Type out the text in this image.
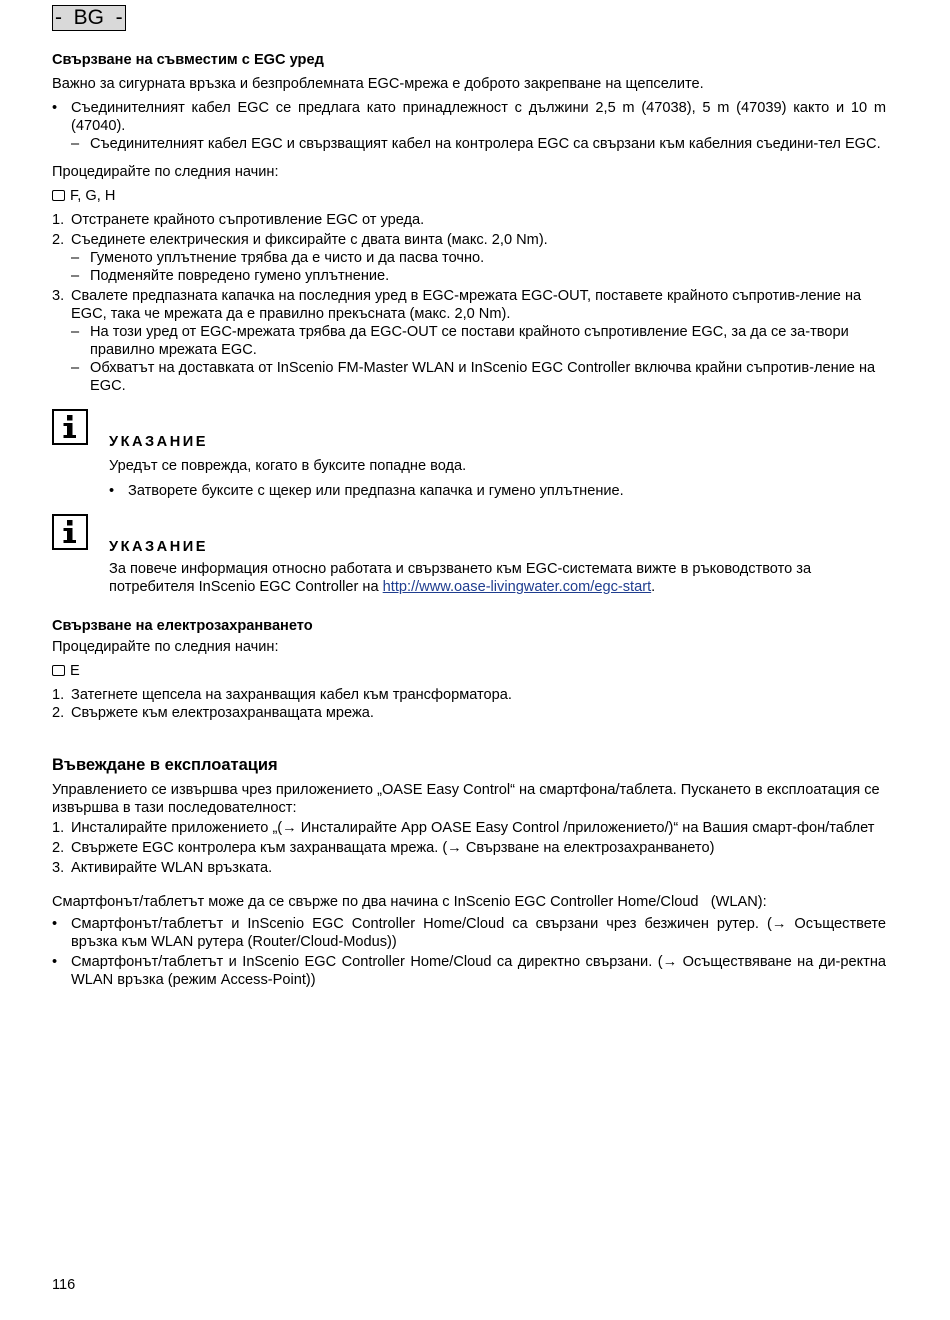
-  BG  -

Свързване на съвместим с EGC уред

Важно за сигурната връзка и безпроблемната EGC-мрежа е доброто закрепване на щепселите.

• Съединителният кабел EGC се предлага като принадлежност с дължини 2,5 m (47038), 5 m (47039) както и 10 m (47040).
– Съединителният кабел EGC и свързващият кабел на контролера EGC са свързани към кабелния съедини-тел EGC.

Процедирайте по следния начин:

F, G, H
1. Отстранете крайното съпротивление EGC от уреда.
2. Съединете електрическия и фиксирайте с двата винта (макс. 2,0 Nm).
– Гуменото уплътнение трябва да е чисто и да пасва точно.
– Подменяйте повредено гумено уплътнение.
3. Свалете предпазната капачка на последния уред в EGC-мрежата EGC-OUT, поставете крайното съпротив-ление на EGC, така че мрежата да е правилно прекъсната (макс. 2,0 Nm).
– На този уред от EGC-мрежата трябва да EGC-OUT се постави крайното съпротивление EGC, за да се за-твори правилно мрежата EGC.
– Обхватът на доставката от InScenio FM-Master WLAN и InScenio EGC Controller включва крайни съпротив-ление на EGC.
УКАЗАНИЕ

Уредът се поврежда, когато в буксите попадне вода.

• Затворете буксите с щекер или предпазна капачка и гумено уплътнение.
УКАЗАНИЕ

За повече информация относно работата и свързването към EGC-системата вижте в ръководството за потребителя InScenio EGC Controller на http://www.oase-livingwater.com/egc-start.

Свързване на електрозахранването

Процедирайте по следния начин:

E
1. Затегнете щепсела на захранващия кабел към трансформатора.
2. Свържете към електрозахранващата мрежа.

Въвеждане в експлоатация

Управлението се извършва чрез приложението „OASE Easy Control“ на смартфона/таблета. Пускането в експлоатация се извършва в тази последователност:

1. Инсталирайте приложението „(→ Инсталирайте App OASE Easy Control /приложението/)“ на Вашия смарт-фон/таблет
2. Свържете EGC контролера към захранващата мрежа. (→ Свързване на електрозахранването)
3. Активирайте WLAN връзката.

Смартфонът/таблетът може да се свърже по два начина с InScenio EGC Controller Home/Cloud   (WLAN):

• Смартфонът/таблетът и InScenio EGC Controller Home/Cloud са свързани чрез безжичен рутер. (→ Осъществете връзка към WLAN рутера (Router/Cloud-Modus))
• Смартфонът/таблетът и InScenio EGC Controller Home/Cloud са директно свързани. (→ Осъществяване на ди-ректна WLAN връзка (режим Access-Point))
116
